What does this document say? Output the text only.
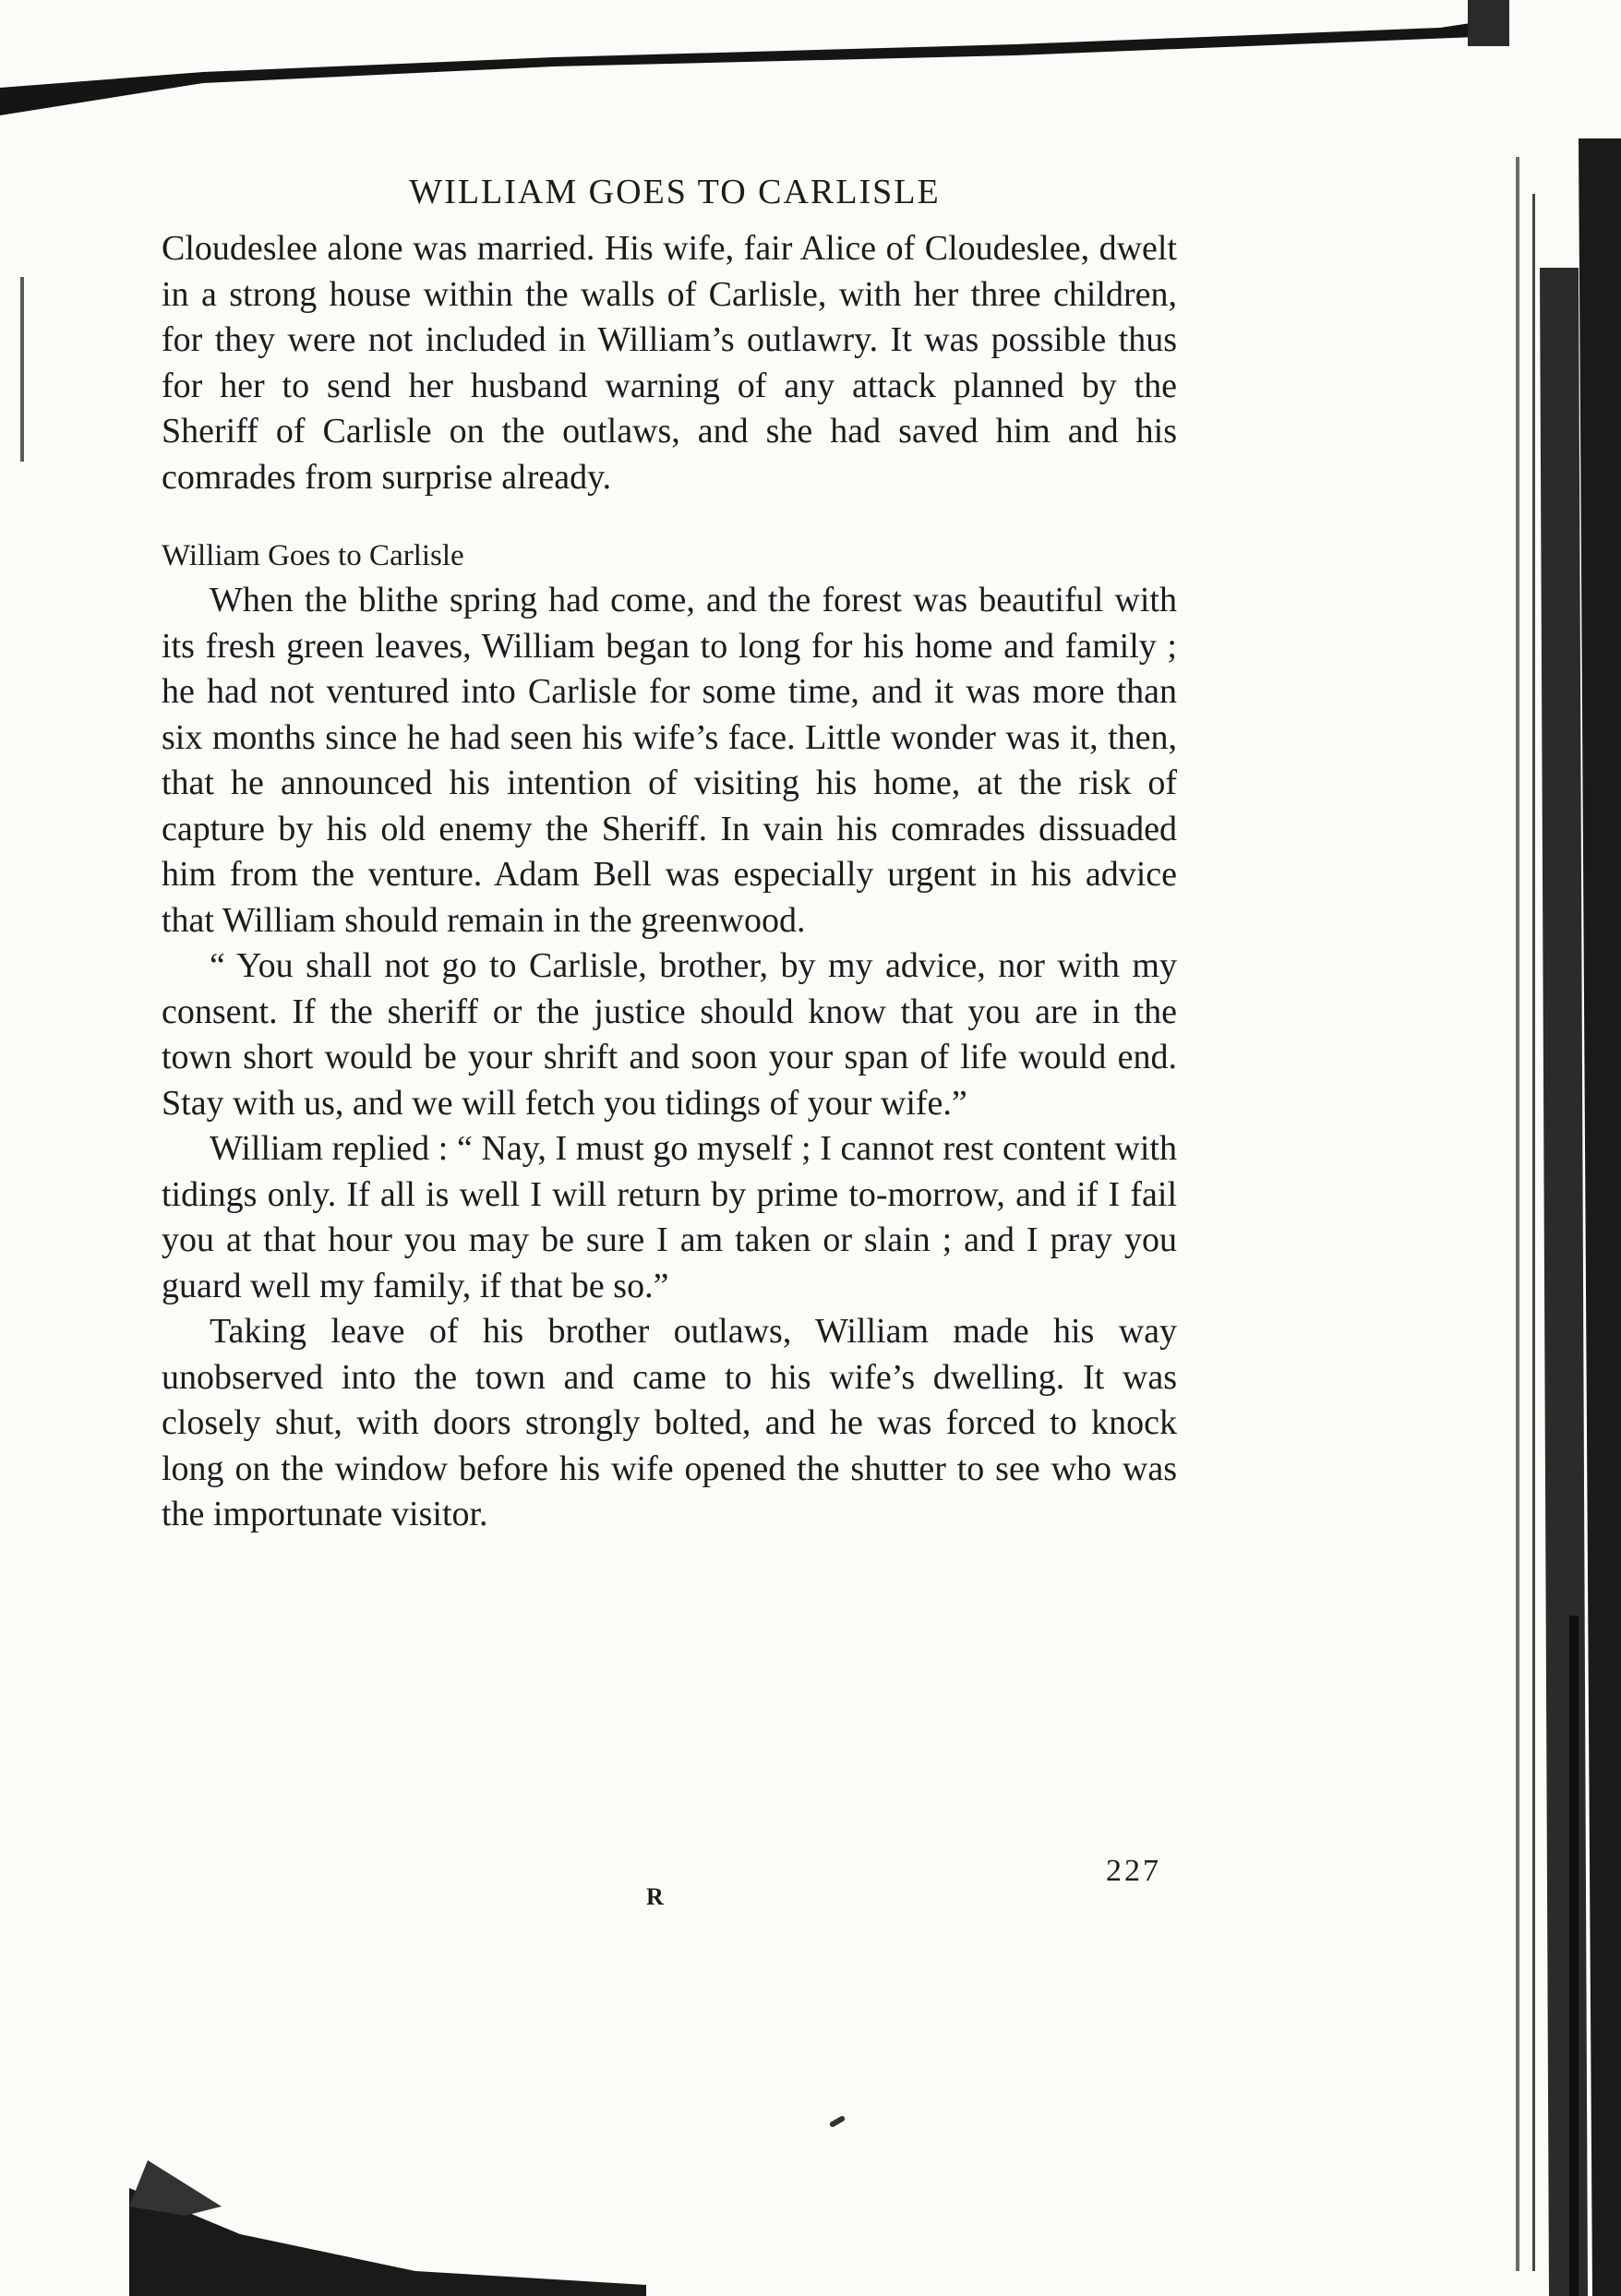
WILLIAM GOES TO CARLISLE

Cloudeslee alone was married. His wife, fair Alice of Cloudeslee, dwelt in a strong house within the walls of Carlisle, with her three children, for they were not included in William’s outlawry. It was possible thus for her to send her husband warning of any attack planned by the Sheriff of Carlisle on the outlaws, and she had saved him and his comrades from surprise already.

William Goes to Carlisle

When the blithe spring had come, and the forest was beautiful with its fresh green leaves, William began to long for his home and family ; he had not ventured into Carlisle for some time, and it was more than six months since he had seen his wife’s face. Little wonder was it, then, that he announced his intention of visiting his home, at the risk of capture by his old enemy the Sheriff. In vain his comrades dissuaded him from the venture. Adam Bell was especially urgent in his advice that William should remain in the greenwood.

“ You shall not go to Carlisle, brother, by my advice, nor with my consent. If the sheriff or the justice should know that you are in the town short would be your shrift and soon your span of life would end. Stay with us, and we will fetch you tidings of your wife.”

William replied : “ Nay, I must go myself ; I cannot rest content with tidings only. If all is well I will return by prime to-morrow, and if I fail you at that hour you may be sure I am taken or slain ; and I pray you guard well my family, if that be so.”

Taking leave of his brother outlaws, William made his way unobserved into the town and came to his wife’s dwelling. It was closely shut, with doors strongly bolted, and he was forced to knock long on the window before his wife opened the shutter to see who was the importunate visitor.

R
227
